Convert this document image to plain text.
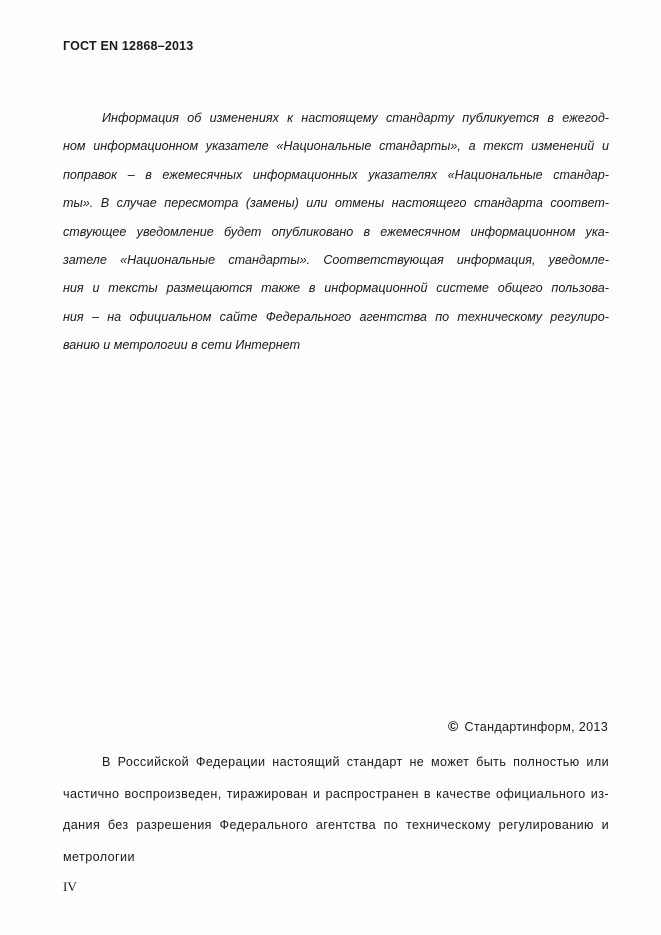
ГОСТ EN 12868–2013
Информация об изменениях к настоящему стандарту публикуется в ежегод-
ном информационном указателе «Национальные стандарты», а текст изменений и
поправок – в ежемесячных информационных указателях «Национальные стандар-
ты». В случае пересмотра (замены) или отмены настоящего стандарта соответ-
ствующее уведомление будет опубликовано в ежемесячном информационном ука-
зателе «Национальные стандарты». Соответствующая информация, уведомле-
ния и тексты размещаются также в информационной системе общего пользова-
ния – на официальном сайте Федерального агентства по техническому регулиро-
ванию и метрологии в сети Интернет
© Стандартинформ, 2013
В Российской Федерации настоящий стандарт не может быть полностью или
частично воспроизведен, тиражирован и распространен в качестве официального из-
дания без разрешения Федерального агентства по техническому регулированию и
метрологии
IV
